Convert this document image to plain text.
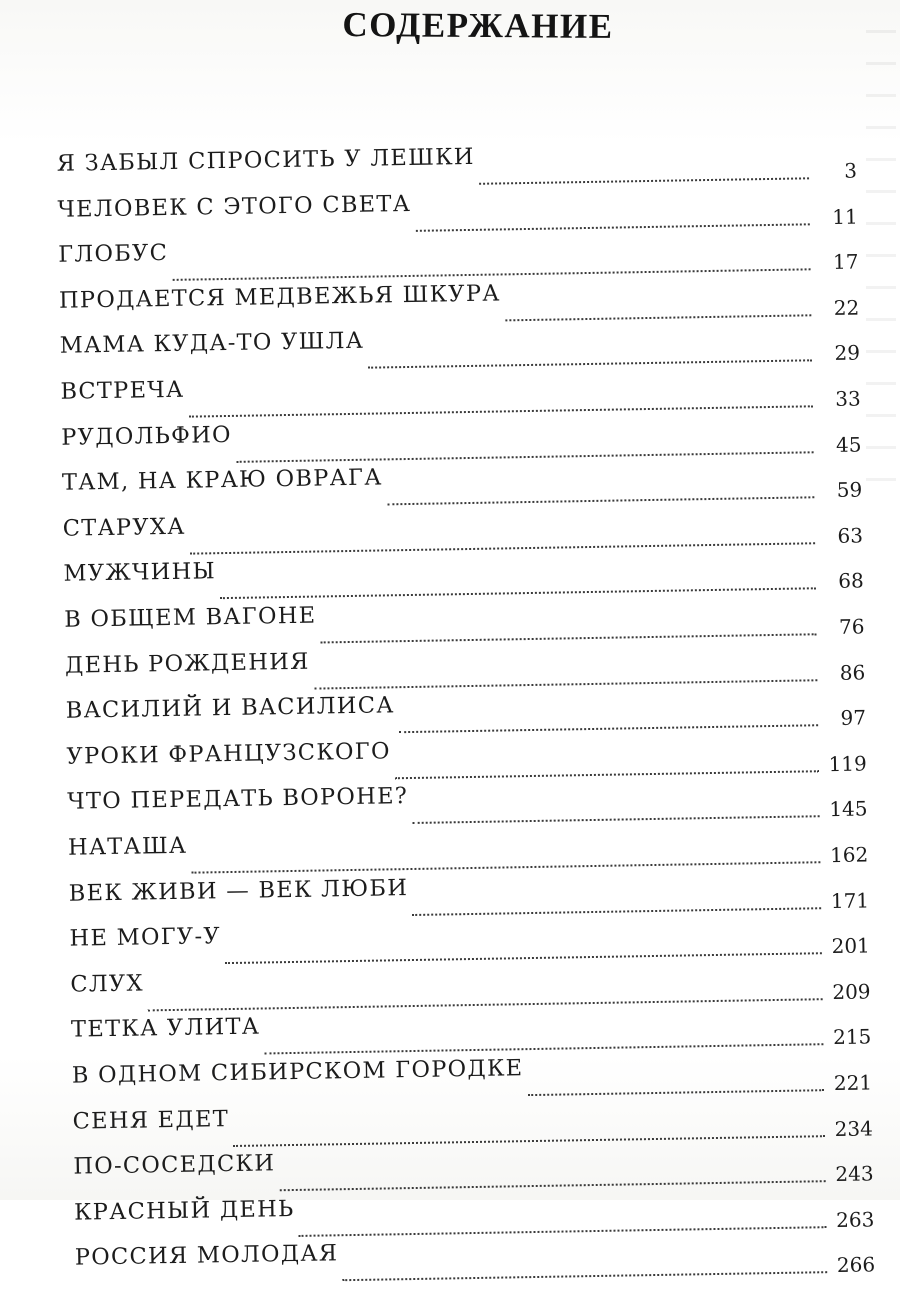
СОДЕРЖАНИЕ
Я ЗАБЫЛ СПРОСИТЬ У ЛЕШКИ	3
ЧЕЛОВЕК С ЭТОГО СВЕТА	11
ГЛОБУС	17
ПРОДАЕТСЯ МЕДВЕЖЬЯ ШКУРА	22
МАМА КУДА-ТО УШЛА	29
ВСТРЕЧА	33
РУДОЛЬФИО	45
ТАМ, НА КРАЮ ОВРАГА	59
СТАРУХА	63
МУЖЧИНЫ	68
В ОБЩЕМ ВАГОНЕ	76
ДЕНЬ РОЖДЕНИЯ	86
ВАСИЛИЙ И ВАСИЛИСА	97
УРОКИ ФРАНЦУЗСКОГО	119
ЧТО ПЕРЕДАТЬ ВОРОНЕ?	145
НАТАША	162
ВЕК ЖИВИ — ВЕК ЛЮБИ	171
НЕ МОГУ-У	201
СЛУХ	209
ТЕТКА УЛИТА	215
В ОДНОМ СИБИРСКОМ ГОРОДКЕ	221
СЕНЯ ЕДЕТ	234
ПО-СОСЕДСКИ	243
КРАСНЫЙ ДЕНЬ	263
РОССИЯ МОЛОДАЯ	266
